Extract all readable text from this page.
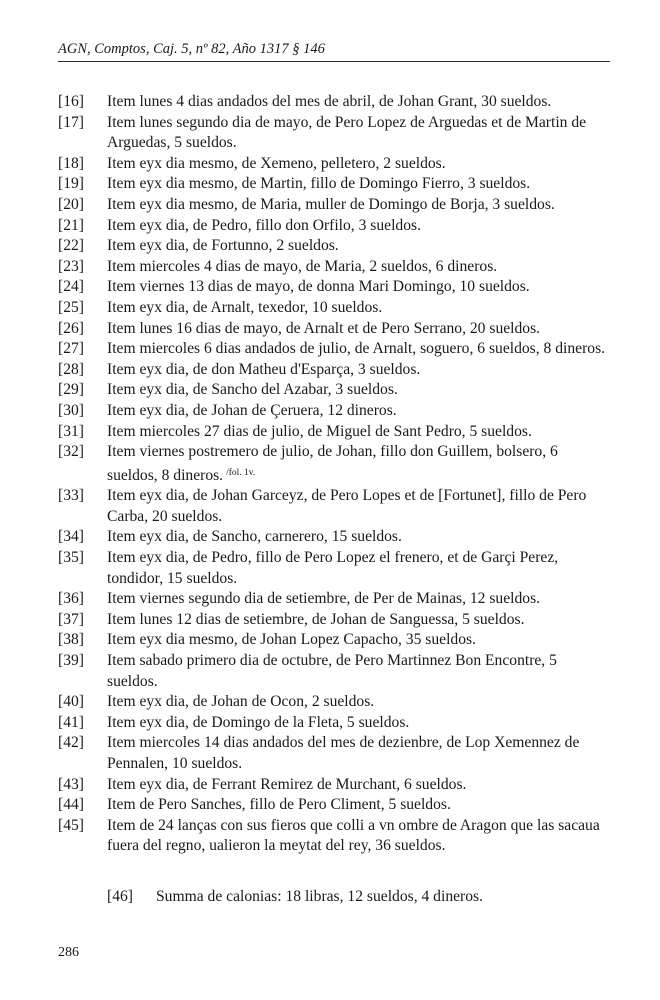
AGN, Comptos, Caj. 5, nº 82, Año 1317 § 146
[16]	Item lunes 4 dias andados del mes de abril, de Johan Grant, 30 sueldos.
[17]	Item lunes segundo dia de mayo, de Pero Lopez de Arguedas et de Martin de Arguedas, 5 sueldos.
[18]	Item eyx dia mesmo, de Xemeno, pelletero, 2 sueldos.
[19]	Item eyx dia mesmo, de Martin, fillo de Domingo Fierro, 3 sueldos.
[20]	Item eyx dia mesmo, de Maria, muller de Domingo de Borja, 3 sueldos.
[21]	Item eyx dia, de Pedro, fillo don Orfilo, 3 sueldos.
[22]	Item eyx dia, de Fortunno, 2 sueldos.
[23]	Item miercoles 4 dias de mayo, de Maria, 2 sueldos, 6 dineros.
[24]	Item viernes 13 dias de mayo, de donna Mari Domingo, 10 sueldos.
[25]	Item eyx dia, de Arnalt, texedor, 10 sueldos.
[26]	Item lunes 16 dias de mayo, de Arnalt et de Pero Serrano, 20 sueldos.
[27]	Item miercoles 6 dias andados de julio, de Arnalt, soguero, 6 sueldos, 8 dineros.
[28]	Item eyx dia, de don Matheu d'Esparça, 3 sueldos.
[29]	Item eyx dia, de Sancho del Azabar, 3 sueldos.
[30]	Item eyx dia, de Johan de Çeruera, 12 dineros.
[31]	Item miercoles 27 dias de julio, de Miguel de Sant Pedro, 5 sueldos.
[32]	Item viernes postremero de julio, de Johan, fillo don Guillem, bolsero, 6 sueldos, 8 dineros. $^{/fol. 1v.}$
[33]	Item eyx dia, de Johan Garceyz, de Pero Lopes et de [Fortunet], fillo de Pero Carba, 20 sueldos.
[34]	Item eyx dia, de Sancho, carnerero, 15 sueldos.
[35]	Item eyx dia, de Pedro, fillo de Pero Lopez el frenero, et de Garçi Perez, tondidor, 15 sueldos.
[36]	Item viernes segundo dia de setiembre, de Per de Mainas, 12 sueldos.
[37]	Item lunes 12 dias de setiembre, de Johan de Sanguessa, 5 sueldos.
[38]	Item eyx dia mesmo, de Johan Lopez Capacho, 35 sueldos.
[39]	Item sabado primero dia de octubre, de Pero Martinnez Bon Encontre, 5 sueldos.
[40]	Item eyx dia, de Johan de Ocon, 2 sueldos.
[41]	Item eyx dia, de Domingo de la Fleta, 5 sueldos.
[42]	Item miercoles 14 dias andados del mes de dezienbre, de Lop Xemennez de Pennalen, 10 sueldos.
[43]	Item eyx dia, de Ferrant Remirez de Murchant, 6 sueldos.
[44]	Item de Pero Sanches, fillo de Pero Climent, 5 sueldos.
[45]	Item de 24 lanças con sus fieros que colli a vn ombre de Aragon que las sacaua fuera del regno, ualieron la meytat del rey, 36 sueldos.
[46]	Summa de calonias: 18 libras, 12 sueldos, 4 dineros.
286
